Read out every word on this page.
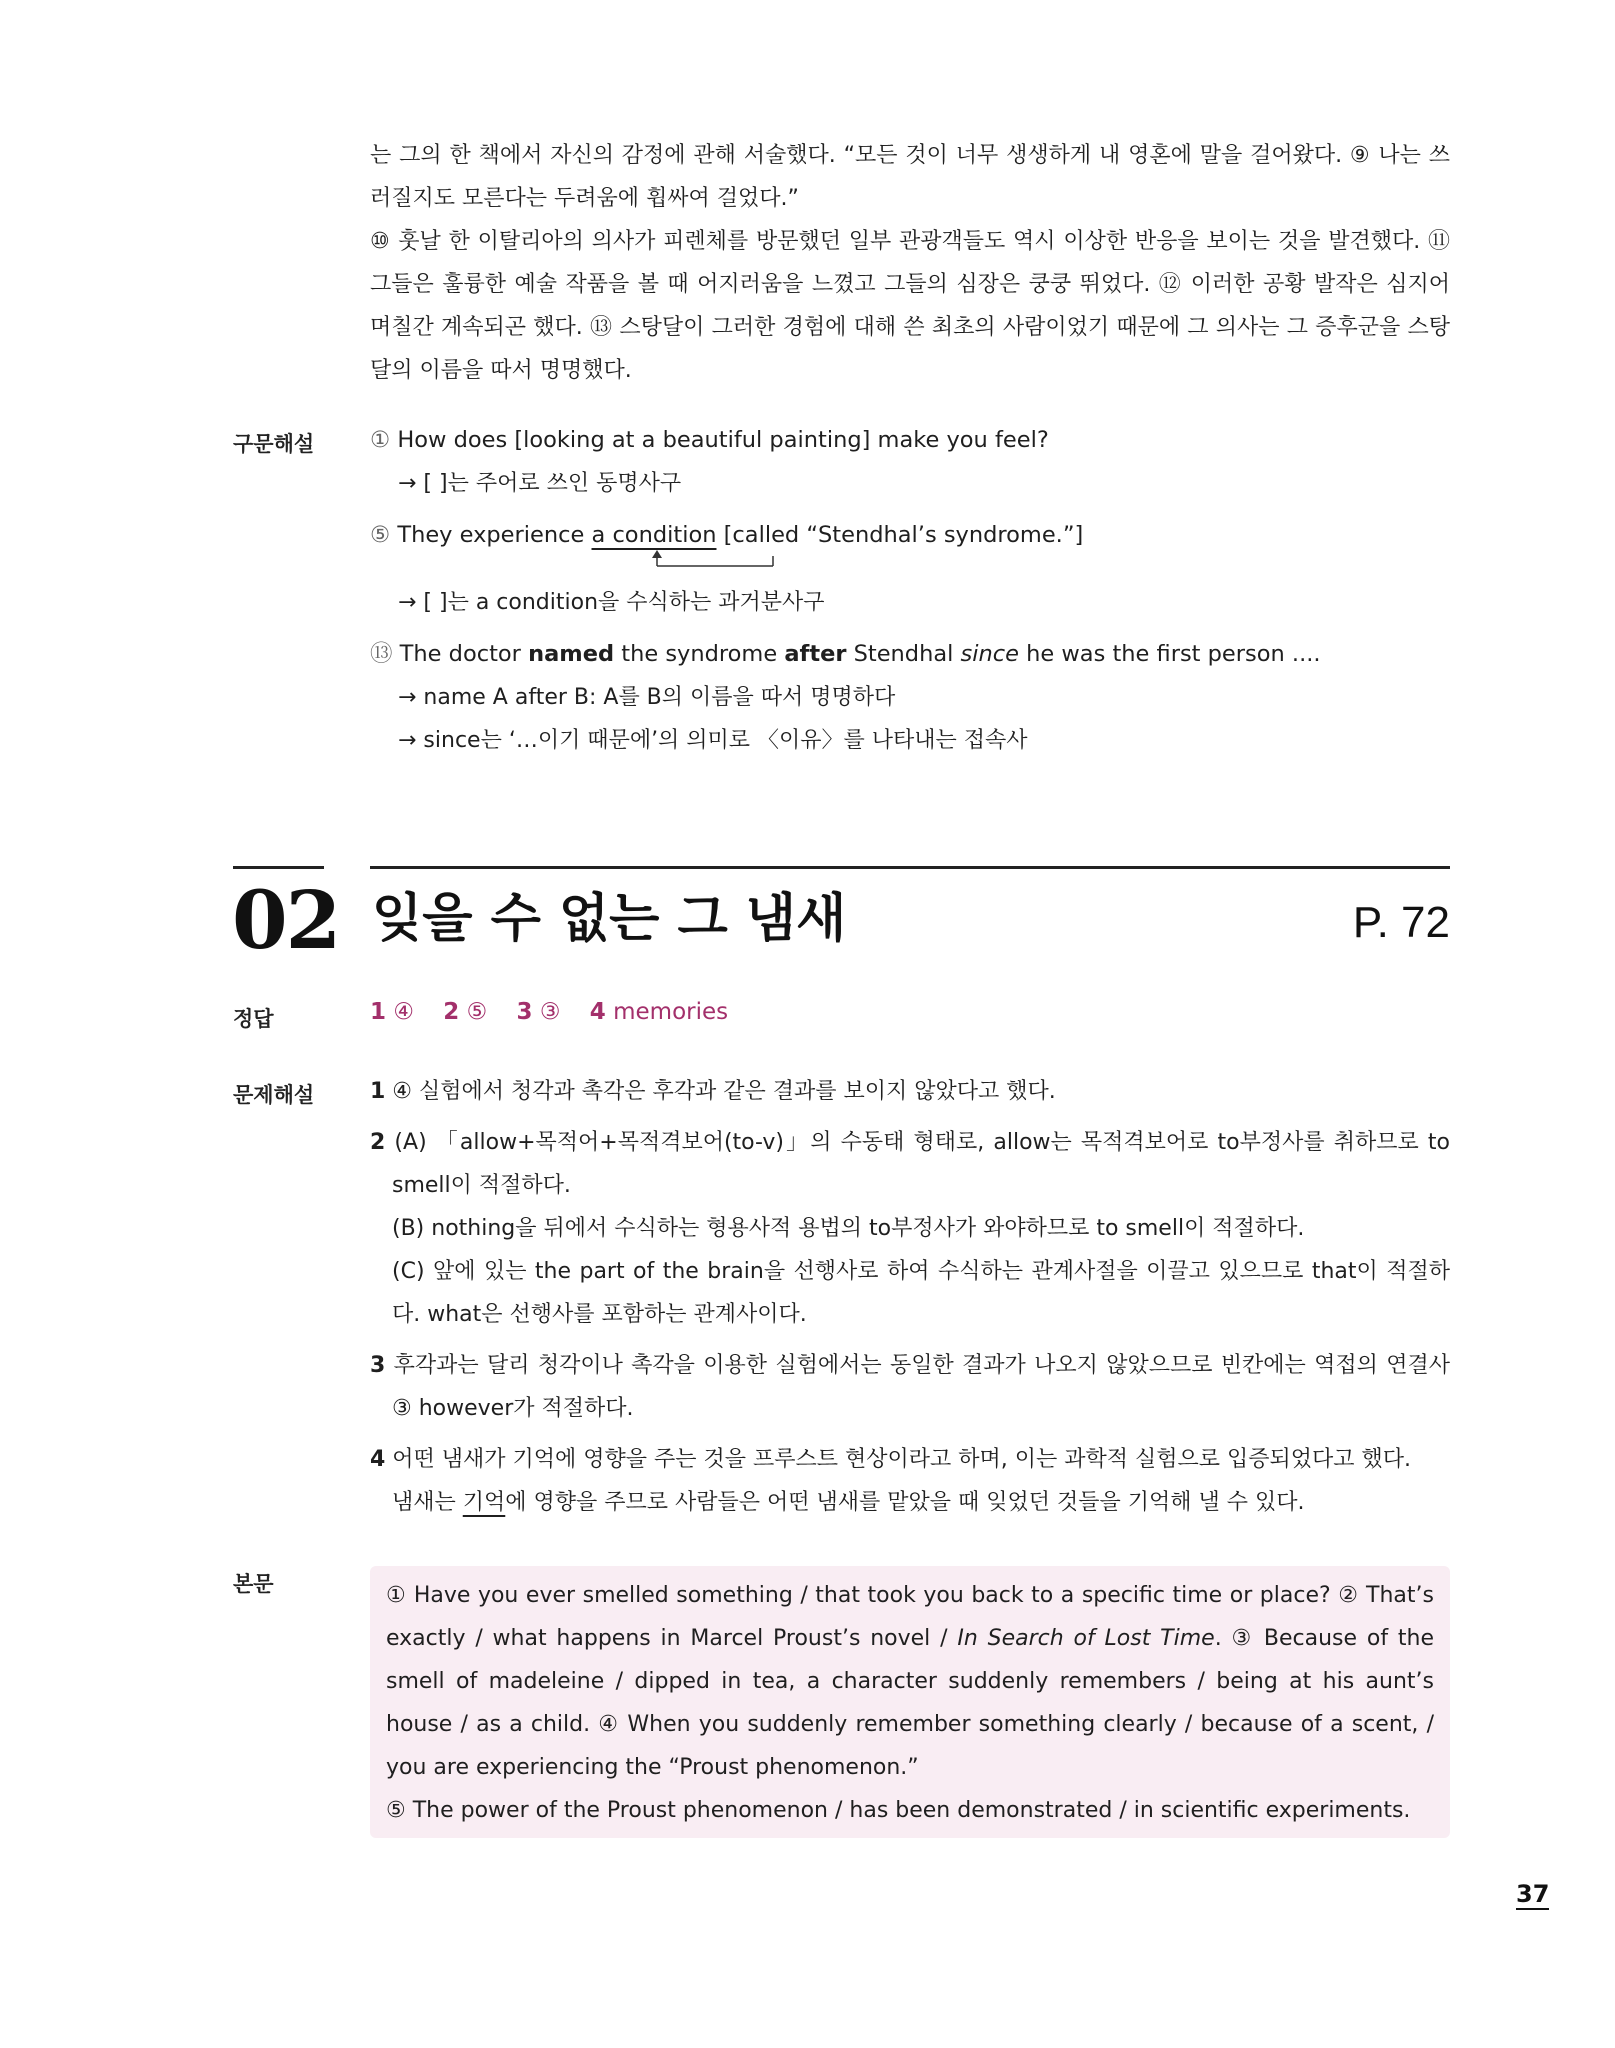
는 그의 한 책에서 자신의 감정에 관해 서술했다. “모든 것이 너무 생생하게 내 영혼에 말을 걸어왔다. ⑨ 나는 쓰러질지도 모른다는 두려움에 휩싸여 걸었다.”

⑩ 훗날 한 이탈리아의 의사가 피렌체를 방문했던 일부 관광객들도 역시 이상한 반응을 보이는 것을 발견했다. ⑪ 그들은 훌륭한 예술 작품을 볼 때 어지러움을 느꼈고 그들의 심장은 쿵쿵 뛰었다. ⑫ 이러한 공황 발작은 심지어 며칠간 계속되곤 했다. ⑬ 스탕달이 그러한 경험에 대해 쓴 최초의 사람이었기 때문에 그 의사는 그 증후군을 스탕달의 이름을 따서 명명했다.

구문해설 ① How does [looking at a beautiful painting] make you feel?
→ [ ]는 주어로 쓰인 동명사구
⑤ They experience a condition [called “Stendhal’s syndrome.”]
→ [ ]는 a condition을 수식하는 과거분사구
⑬ The doctor named the syndrome after Stendhal since he was the first person ....
→ name A after B: A를 B의 이름을 따서 명명하다
→ since는 ‘…이기 때문에’의 의미로 〈이유〉를 나타내는 접속사
02 잊을 수 없는 그 냄새	P. 72
정답	1 ④ 2 ⑤ 3 ③ 4 memories
문제해설	1 ④ 실험에서 청각과 촉각은 후각과 같은 결과를 보이지 않았다고 했다.

2 (A) 「allow+목적어+목적격보어(to-v)」의 수동태 형태로, allow는 목적격보어로 to부정사를 취하므로 to smell이 적절하다.

(B) nothing을 뒤에서 수식하는 형용사적 용법의 to부정사가 와야하므로 to smell이 적절하다.

(C) 앞에 있는 the part of the brain을 선행사로 하여 수식하는 관계사절을 이끌고 있으므로 that이 적절하다. what은 선행사를 포함하는 관계사이다.

3 후각과는 달리 청각이나 촉각을 이용한 실험에서는 동일한 결과가 나오지 않았으므로 빈칸에는 역접의 연결사 ③ however가 적절하다.

4 어떤 냄새가 기억에 영향을 주는 것을 프루스트 현상이라고 하며, 이는 과학적 실험으로 입증되었다고 했다.

냄새는 기억에 영향을 주므로 사람들은 어떤 냄새를 맡았을 때 잊었던 것들을 기억해 낼 수 있다.

본문	① Have you ever smelled something / that took you back to a specific time or place? ② That’s exactly / what happens in Marcel Proust’s novel / In Search of Lost Time. ③ Because of the smell of madeleine / dipped in tea, a character suddenly remembers / being at his aunt’s house / as a child. ④ When you suddenly remember something clearly / because of a scent, / you are experiencing the “Proust phenomenon.”

⑤ The power of the Proust phenomenon / has been demonstrated / in scientific experiments.

37
